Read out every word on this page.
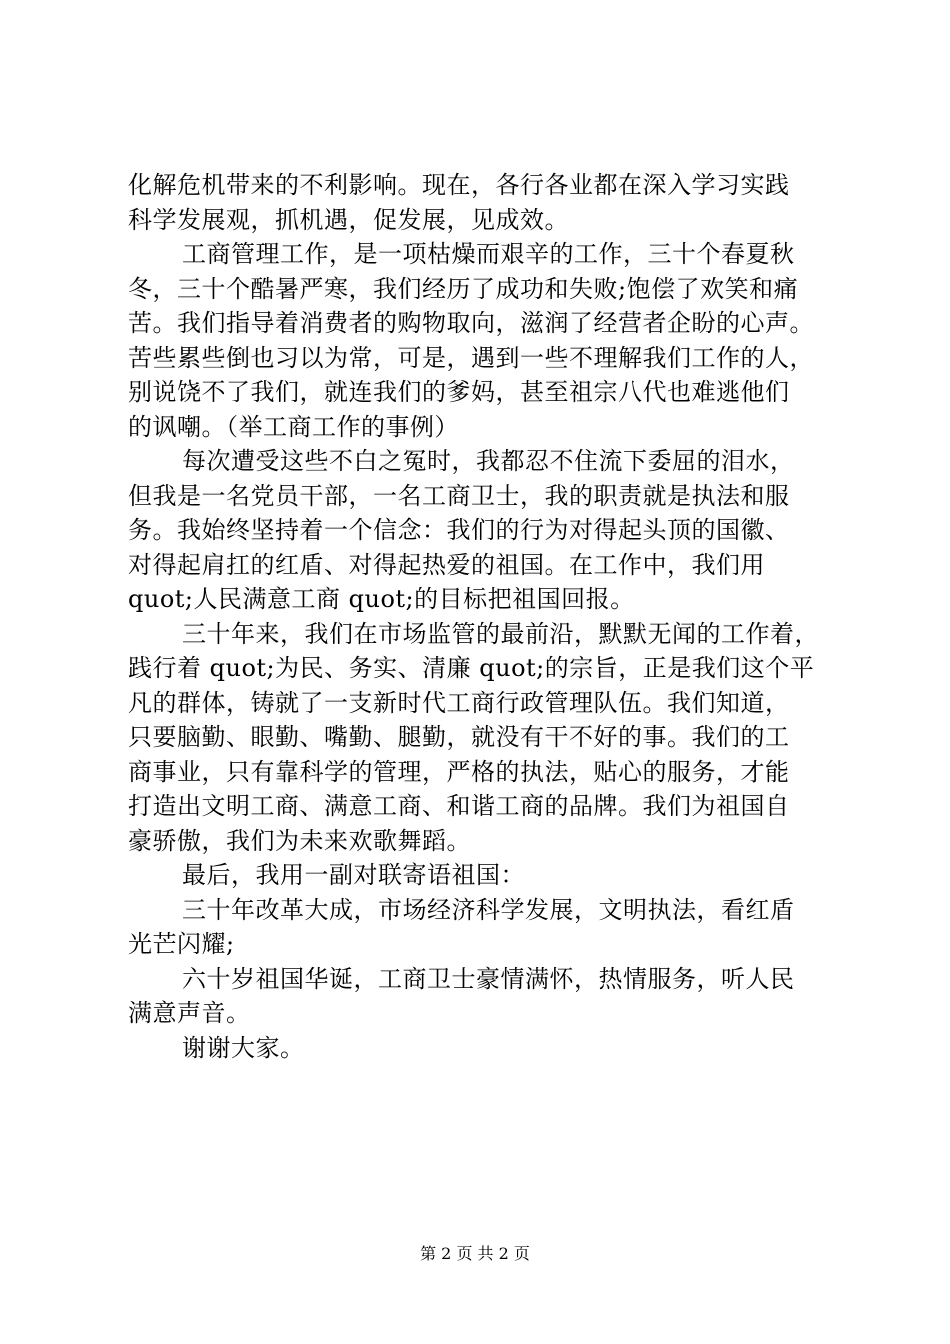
化解危机带来的不利影响。现在，各行各业都在深入学习实践
科学发展观，抓机遇，促发展，见成效。
工商管理工作，是一项枯燥而艰辛的工作，三十个春夏秋
冬，三十个酷暑严寒，我们经历了成功和失败;饱偿了欢笑和痛
苦。我们指导着消费者的购物取向，滋润了经营者企盼的心声。
苦些累些倒也习以为常，可是，遇到一些不理解我们工作的人，
别说饶不了我们，就连我们的爹妈，甚至祖宗八代也难逃他们
的讽嘲。（举工商工作的事例）
每次遭受这些不白之冤时，我都忍不住流下委屈的泪水，
但我是一名党员干部，一名工商卫士，我的职责就是执法和服
务。我始终坚持着一个信念：我们的行为对得起头顶的国徽、
对得起肩扛的红盾、对得起热爱的祖国。在工作中，我们用
quot;人民满意工商 quot;的目标把祖国回报。
三十年来，我们在市场监管的最前沿，默默无闻的工作着，
践行着 quot;为民、务实、清廉 quot;的宗旨，正是我们这个平
凡的群体，铸就了一支新时代工商行政管理队伍。我们知道，
只要脑勤、眼勤、嘴勤、腿勤，就没有干不好的事。我们的工
商事业，只有靠科学的管理，严格的执法，贴心的服务，才能
打造出文明工商、满意工商、和谐工商的品牌。我们为祖国自
豪骄傲，我们为未来欢歌舞蹈。
最后，我用一副对联寄语祖国：
三十年改革大成，市场经济科学发展，文明执法，看红盾
光芒闪耀;
六十岁祖国华诞，工商卫士豪情满怀，热情服务，听人民
满意声音。
谢谢大家。
第 2 页 共 2 页
